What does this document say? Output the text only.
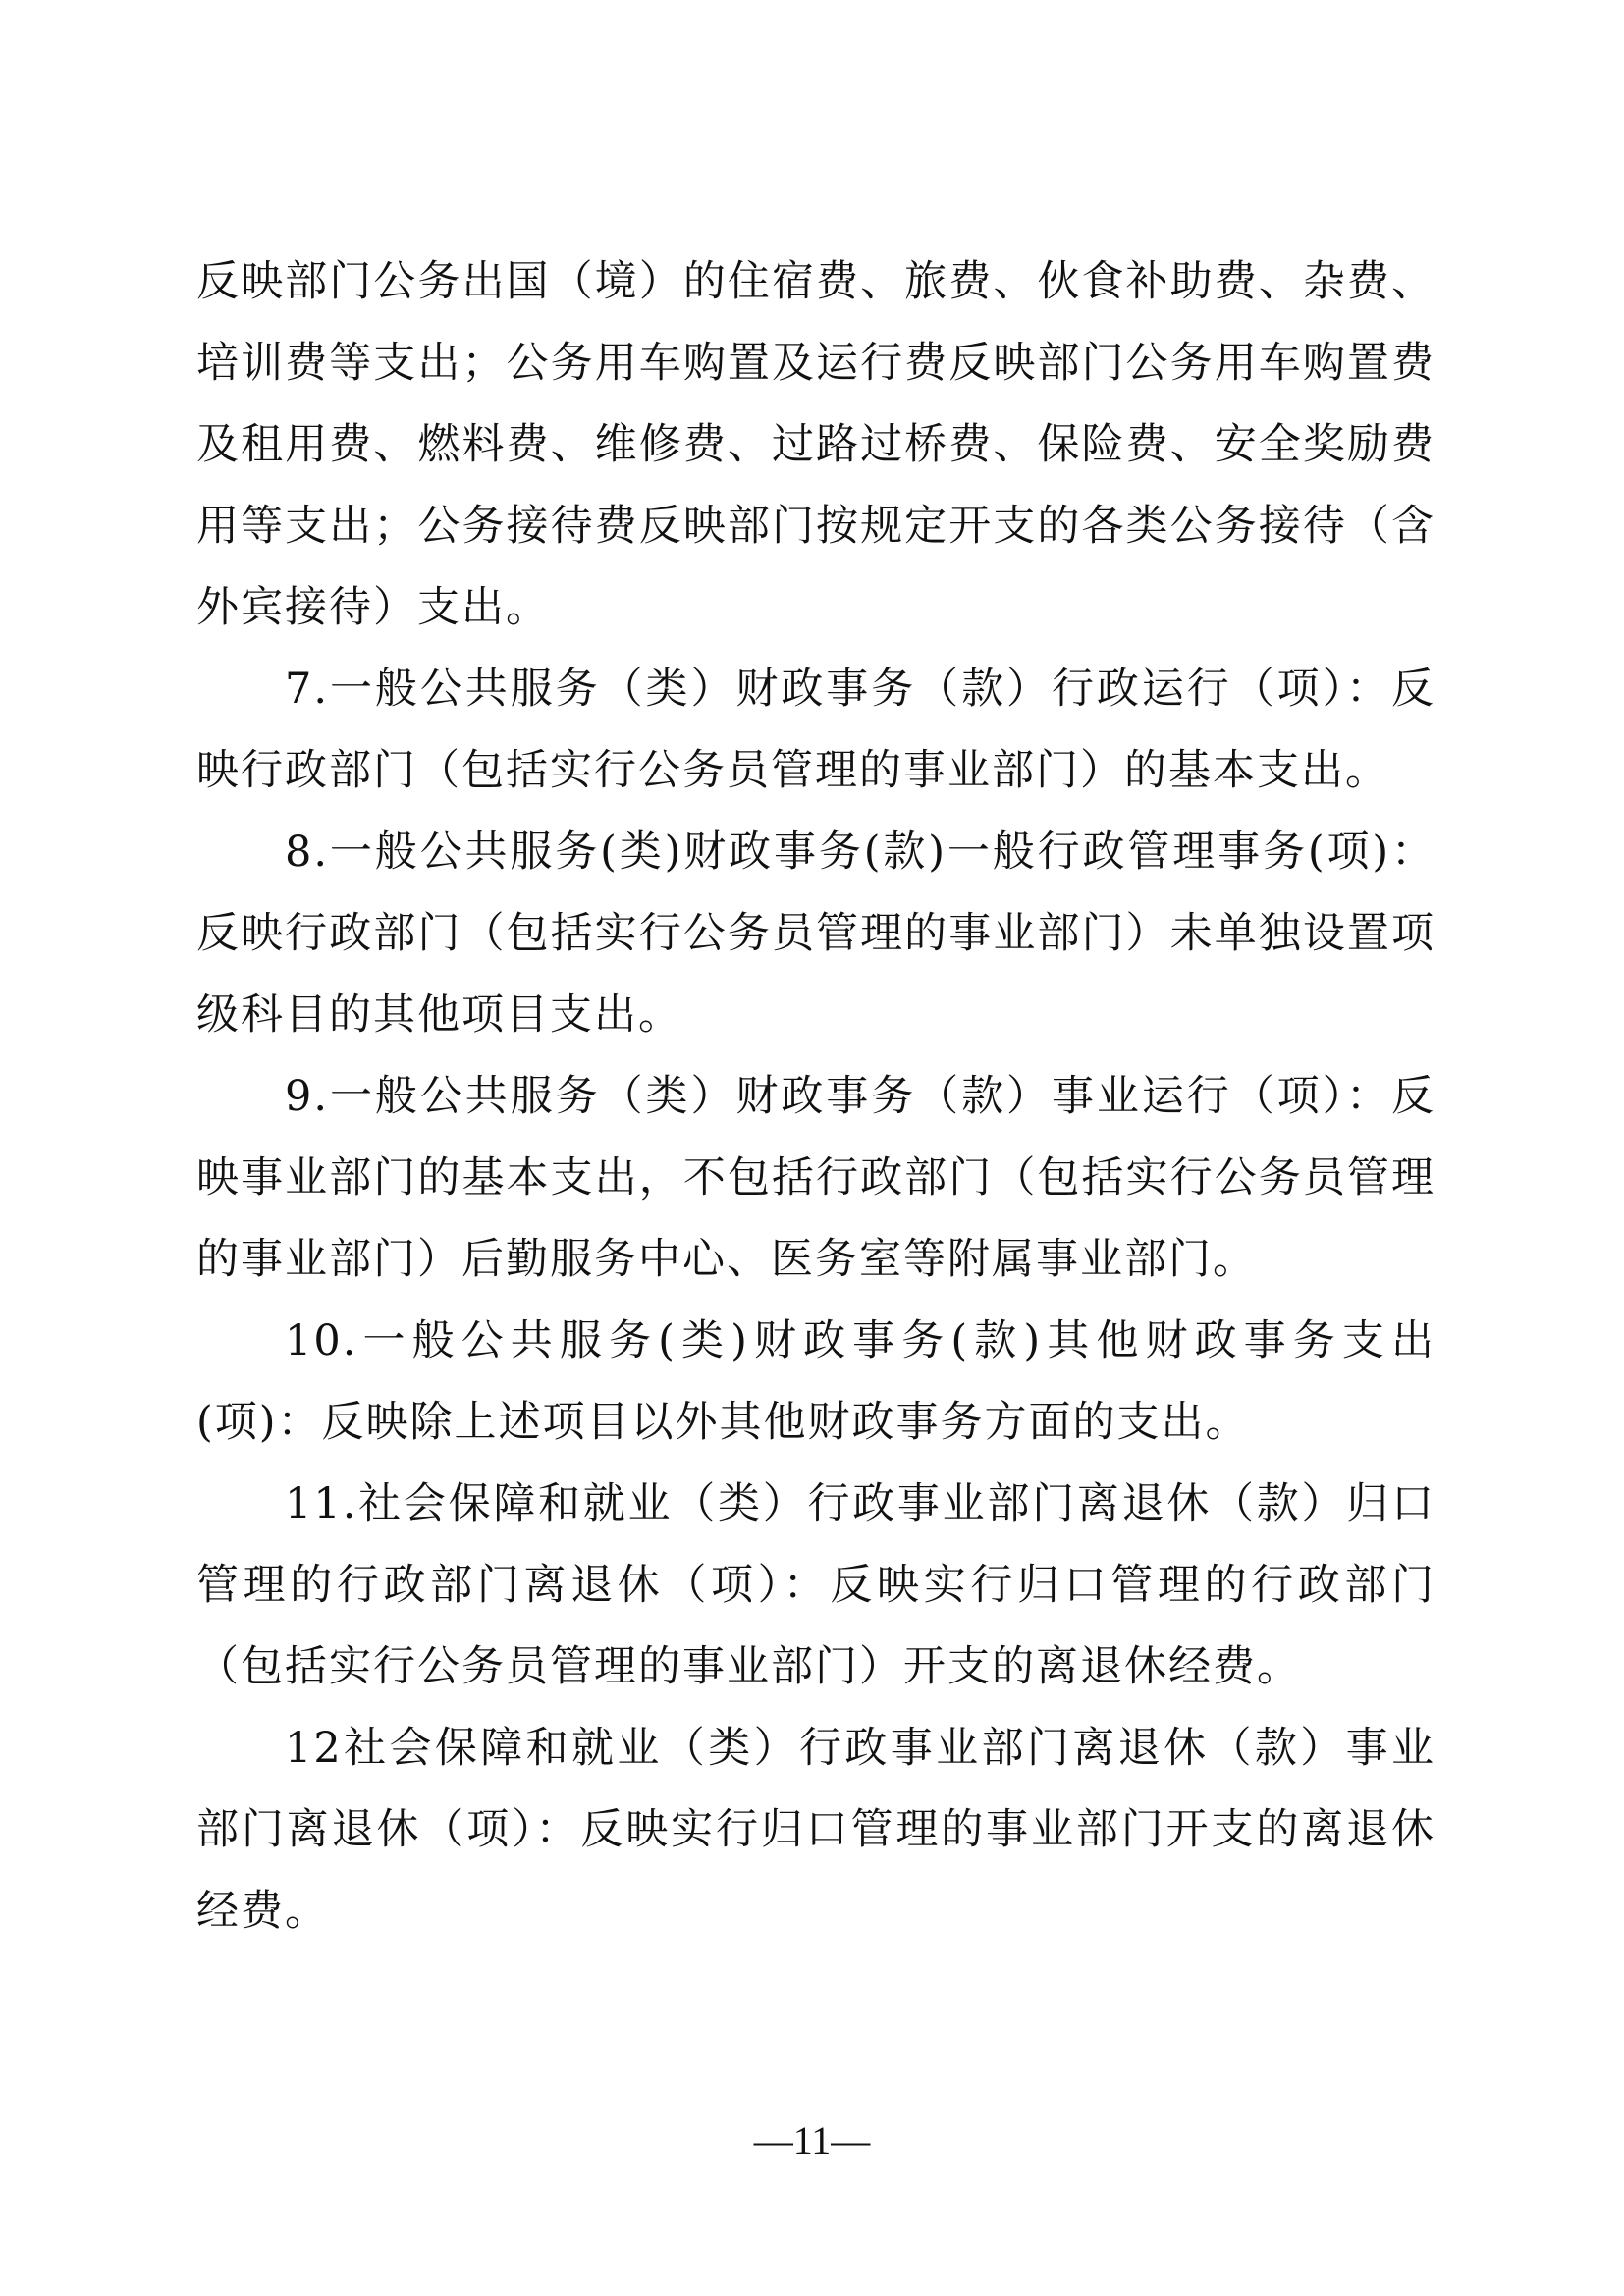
反映部门公务出国（境）的住宿费、旅费、伙食补助费、杂费、培训费等支出；公务用车购置及运行费反映部门公务用车购置费及租用费、燃料费、维修费、过路过桥费、保险费、安全奖励费用等支出；公务接待费反映部门按规定开支的各类公务接待（含外宾接待）支出。

7.一般公共服务（类）财政事务（款）行政运行（项）：反映行政部门（包括实行公务员管理的事业部门）的基本支出。

8.一般公共服务(类)财政事务(款)一般行政管理事务(项)：反映行政部门（包括实行公务员管理的事业部门）未单独设置项级科目的其他项目支出。

9.一般公共服务（类）财政事务（款）事业运行（项）：反映事业部门的基本支出，不包括行政部门（包括实行公务员管理的事业部门）后勤服务中心、医务室等附属事业部门。

10.一般公共服务(类)财政事务(款)其他财政事务支出(项)：反映除上述项目以外其他财政事务方面的支出。

11.社会保障和就业（类）行政事业部门离退休（款）归口管理的行政部门离退休（项）：反映实行归口管理的行政部门（包括实行公务员管理的事业部门）开支的离退休经费。

12社会保障和就业（类）行政事业部门离退休（款）事业部门离退休（项）：反映实行归口管理的事业部门开支的离退休经费。

—11—
